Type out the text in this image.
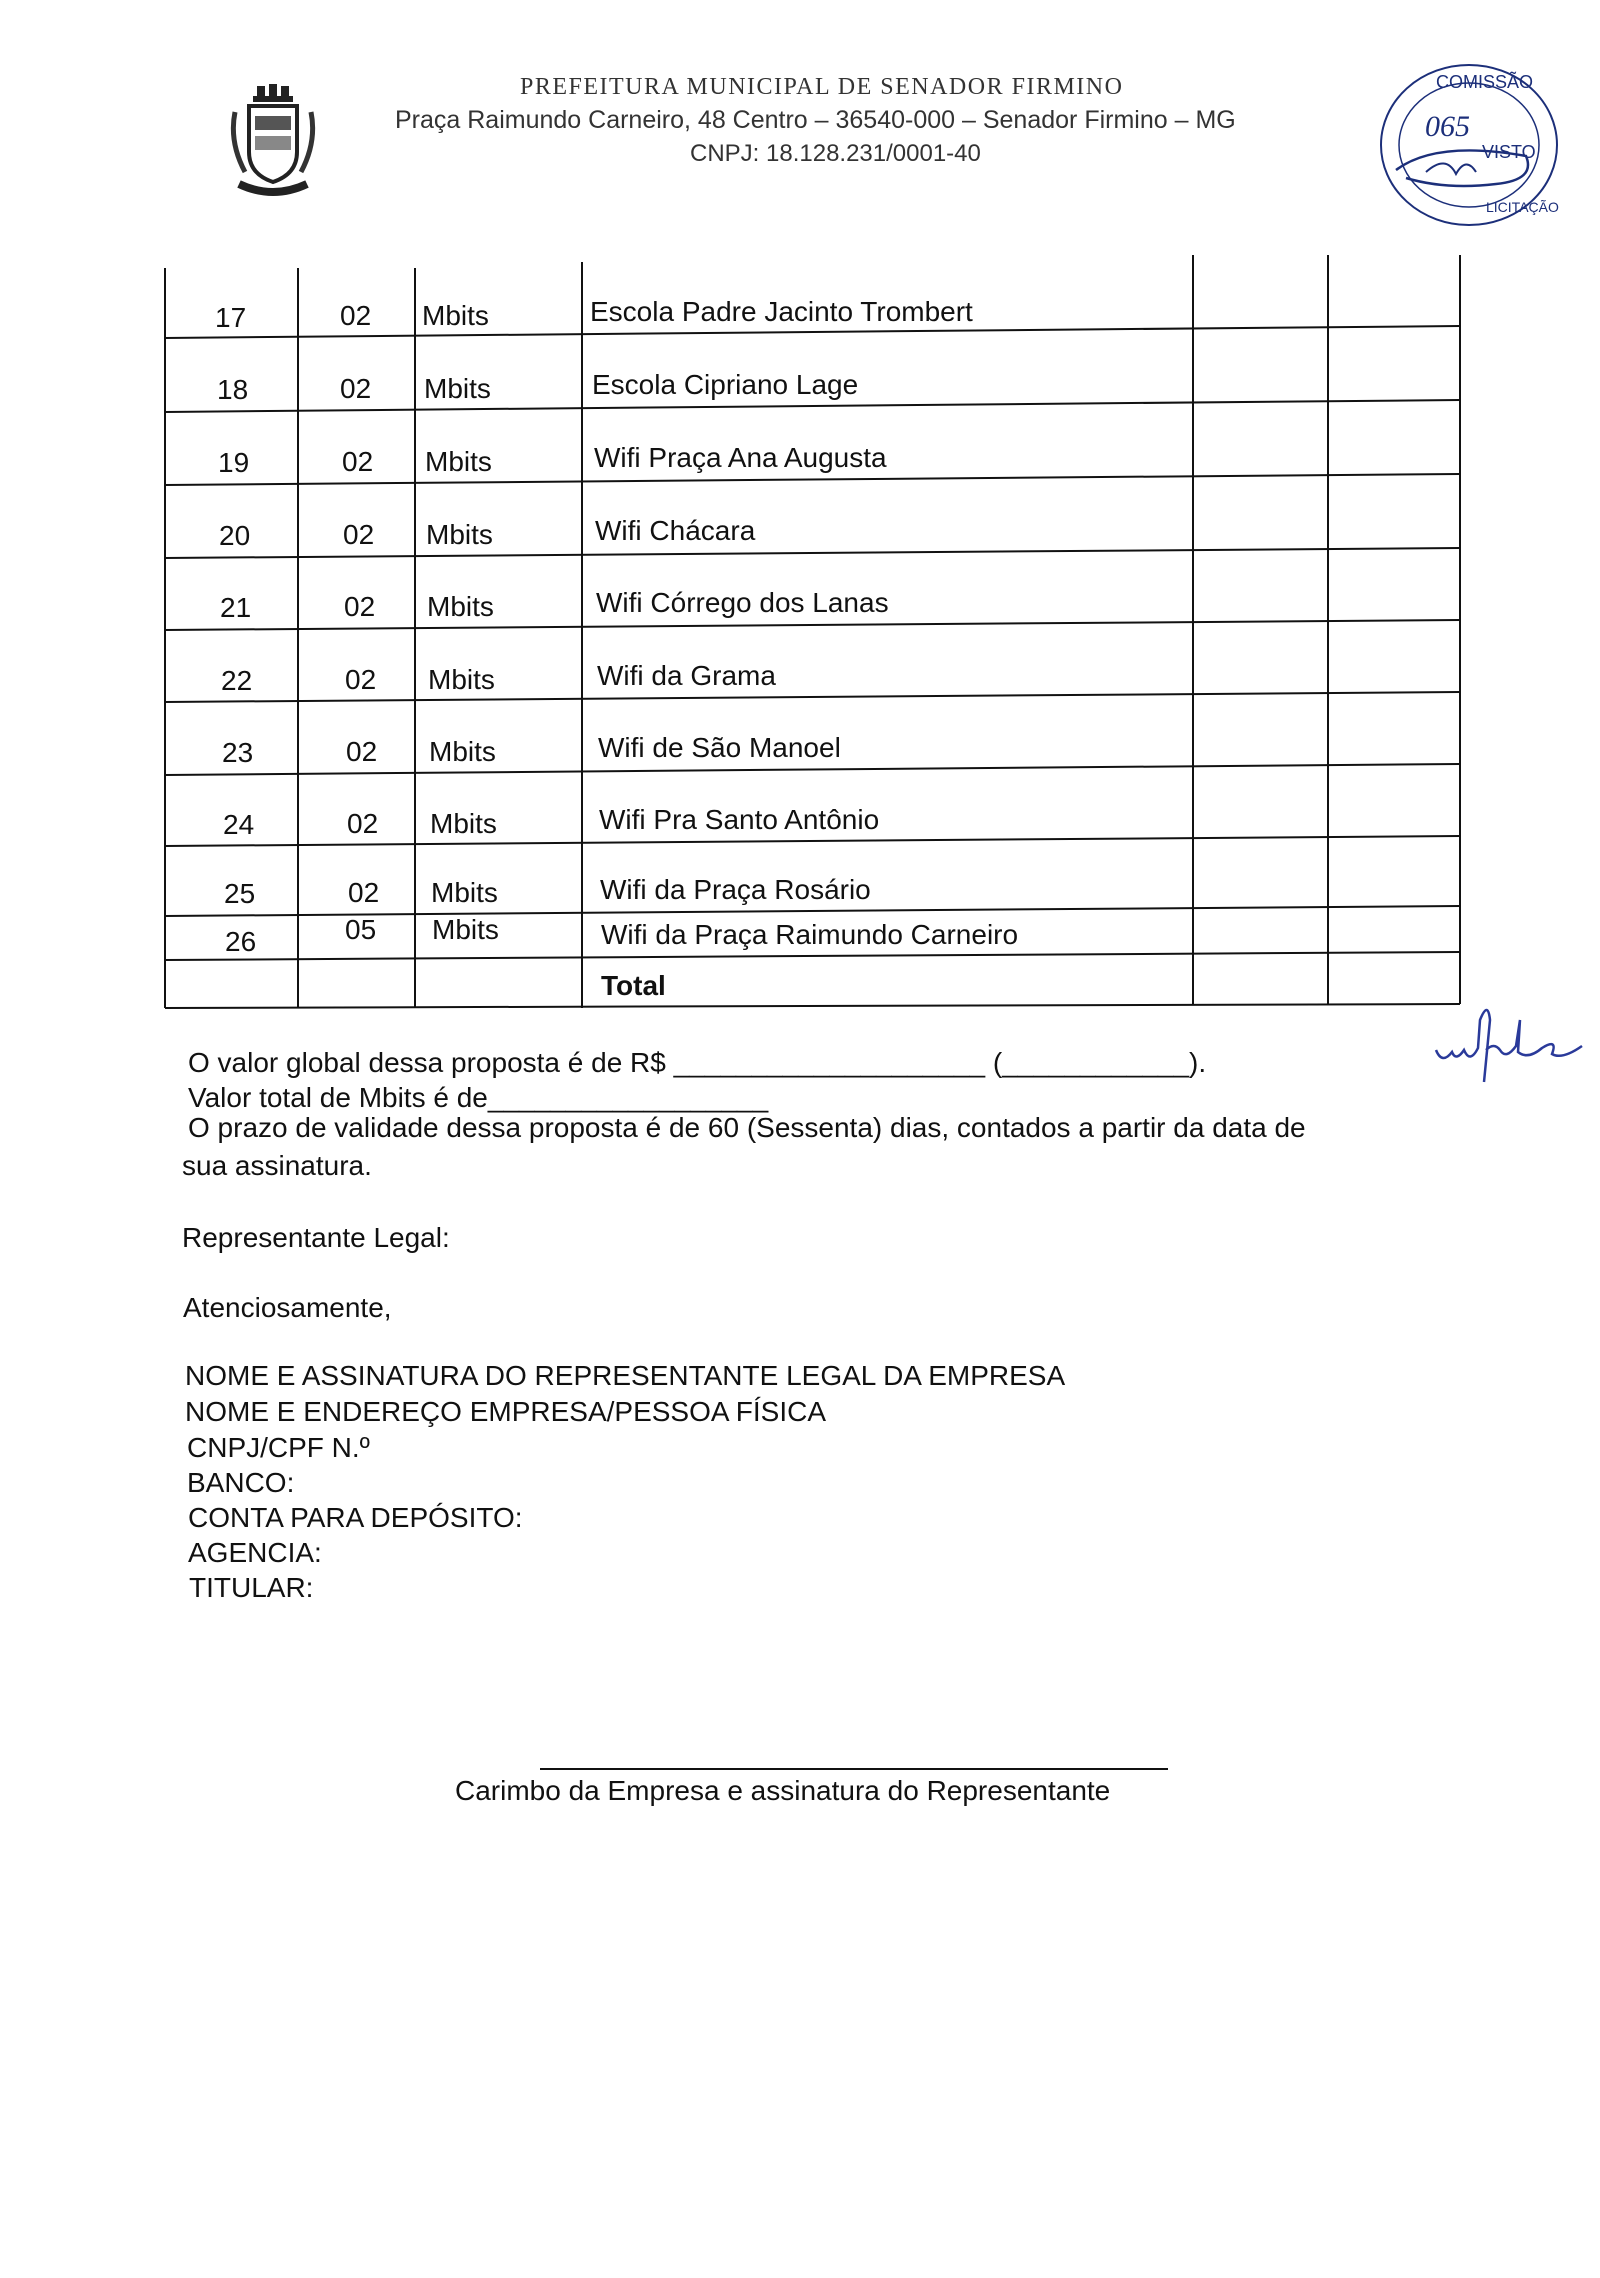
PREFEITURA MUNICIPAL DE SENADOR FIRMINO
Praça Raimundo Carneiro, 48 Centro – 36540-000 – Senador Firmino – MG
CNPJ: 18.128.231/0001-40
COMISSÃO
LICITAÇÃO
VISTO
065
17	02 Mbits	Escola Padre Jacinto Trombert
18	02 Mbits	Escola Cipriano Lage
19	02 Mbits	Wifi Praça Ana Augusta
20	02 Mbits	Wifi Chácara
21	02 Mbits	Wifi Córrego dos Lanas
22	02 Mbits	Wifi da Grama
23	02 Mbits	Wifi de São Manoel
24	02 Mbits	Wifi Pra Santo Antônio
25	02 Mbits	Wifi da Praça Rosário
26	05 Mbits	Wifi da Praça Raimundo Carneiro
Total
O valor global dessa proposta é de R$ ____________________ (____________).
Valor total de Mbits é de__________________
O prazo de validade dessa proposta é de 60 (Sessenta) dias, contados a partir da data de
sua assinatura.
Representante Legal:
Atenciosamente,
NOME E ASSINATURA DO REPRESENTANTE LEGAL DA EMPRESA
NOME E ENDEREÇO EMPRESA/PESSOA FÍSICA
CNPJ/CPF N.º
BANCO:
CONTA PARA DEPÓSITO:
AGENCIA:
TITULAR:
Carimbo da Empresa e assinatura do Representante
